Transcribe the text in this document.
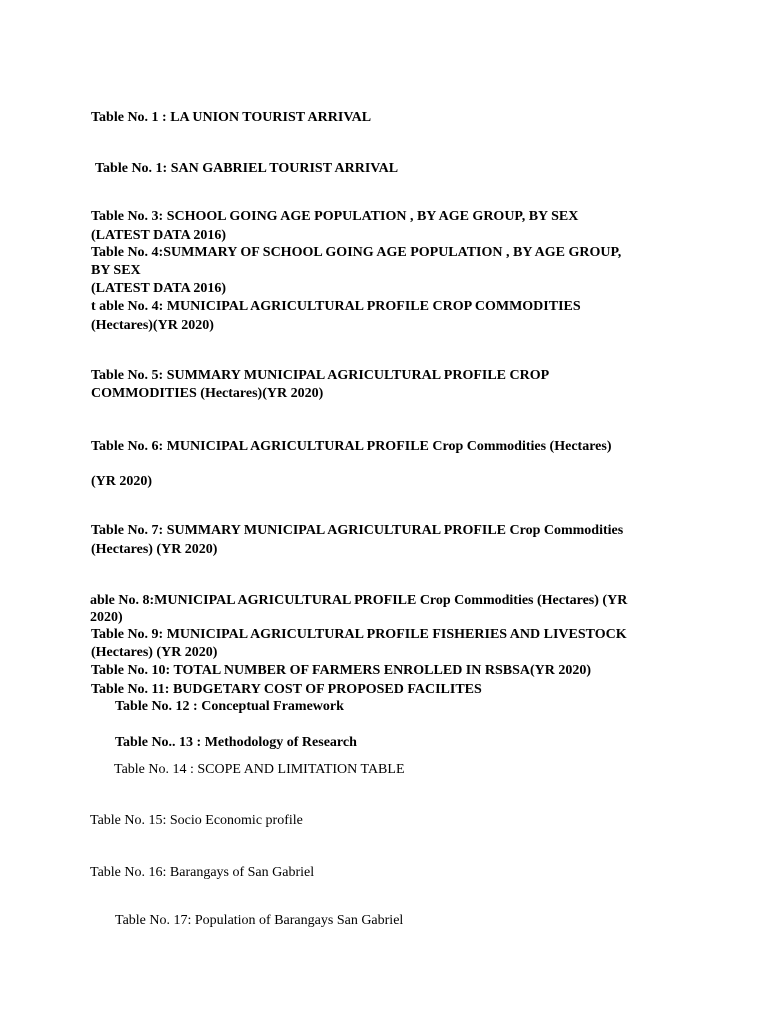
Table No. 1 : LA UNION TOURIST ARRIVAL
Table No. 1: SAN GABRIEL TOURIST ARRIVAL
Table No. 3: SCHOOL GOING AGE POPULATION , BY AGE GROUP, BY SEX
(LATEST DATA 2016)
Table No. 4:SUMMARY OF SCHOOL GOING AGE POPULATION , BY AGE GROUP,
BY SEX
(LATEST DATA 2016)
t able No. 4: MUNICIPAL AGRICULTURAL PROFILE CROP COMMODITIES
(Hectares)(YR 2020)
Table No. 5: SUMMARY MUNICIPAL AGRICULTURAL PROFILE CROP
COMMODITIES (Hectares)(YR 2020)
Table No. 6: MUNICIPAL AGRICULTURAL PROFILE Crop Commodities (Hectares)
(YR 2020)
Table No. 7: SUMMARY MUNICIPAL AGRICULTURAL PROFILE Crop Commodities
(Hectares) (YR 2020)
able No. 8:MUNICIPAL AGRICULTURAL PROFILE Crop Commodities (Hectares) (YR
2020)
Table No. 9: MUNICIPAL AGRICULTURAL PROFILE FISHERIES AND LIVESTOCK
(Hectares) (YR 2020)
Table No. 10: TOTAL NUMBER OF FARMERS ENROLLED IN RSBSA(YR 2020)
Table No. 11: BUDGETARY COST OF PROPOSED FACILITES
Table No. 12 : Conceptual Framework
Table No.. 13 : Methodology of Research
Table No. 14 : SCOPE AND LIMITATION TABLE
Table No. 15: Socio Economic profile
Table No. 16: Barangays of San Gabriel
Table No. 17: Population of Barangays San Gabriel
